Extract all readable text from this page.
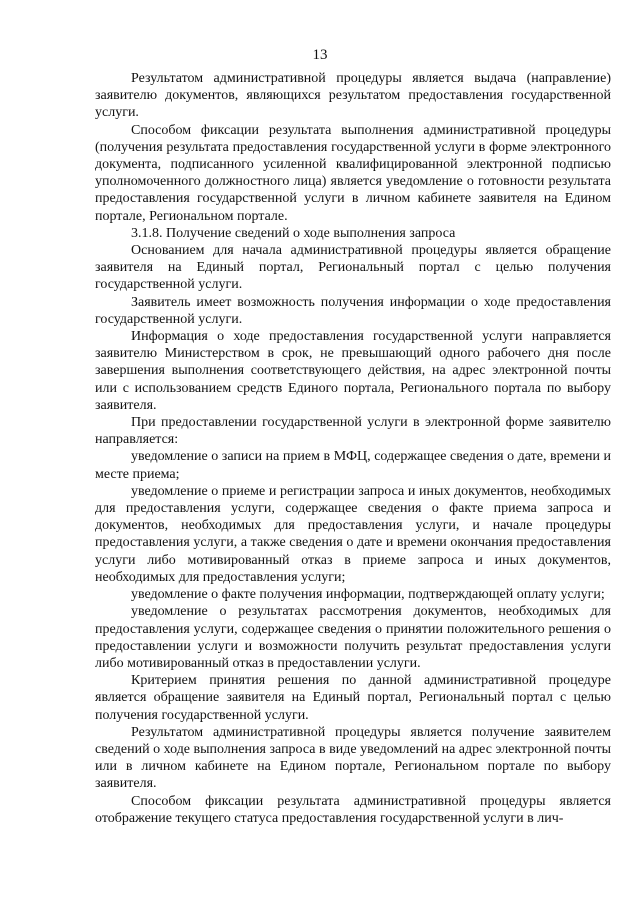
13

Результатом административной процедуры является выдача (направление) заявителю документов, являющихся результатом предоставления государственной услуги.

Способом фиксации результата выполнения административной процедуры (получения результата предоставления государственной услуги в форме электронного документа, подписанного усиленной квалифицированной электронной подписью уполномоченного должностного лица) является уведомление о готовности результата предоставления государственной услуги в личном кабинете заявителя на Едином портале, Региональном портале.

3.1.8. Получение сведений о ходе выполнения запроса

Основанием для начала административной процедуры является обращение заявителя на Единый портал, Региональный портал с целью получения государственной услуги.

Заявитель имеет возможность получения информации о ходе предоставления государственной услуги.

Информация о ходе предоставления государственной услуги направляется заявителю Министерством в срок, не превышающий одного рабочего дня после завершения выполнения соответствующего действия, на адрес электронной почты или с использованием средств Единого портала, Регионального портала по выбору заявителя.

При предоставлении государственной услуги в электронной форме заявителю направляется:

уведомление о записи на прием в МФЦ, содержащее сведения о дате, времени и месте приема;

уведомление о приеме и регистрации запроса и иных документов, необходимых для предоставления услуги, содержащее сведения о факте приема запроса и документов, необходимых для предоставления услуги, и начале процедуры предоставления услуги, а также сведения о дате и времени окончания предоставления услуги либо мотивированный отказ в приеме запроса и иных документов, необходимых для предоставления услуги;

уведомление о факте получения информации, подтверждающей оплату услуги;

уведомление о результатах рассмотрения документов, необходимых для предоставления услуги, содержащее сведения о принятии положительного решения о предоставлении услуги и возможности получить результат предоставления услуги либо мотивированный отказ в предоставлении услуги.

Критерием принятия решения по данной административной процедуре является обращение заявителя на Единый портал, Региональный портал с целью получения государственной услуги.

Результатом административной процедуры является получение заявителем сведений о ходе выполнения запроса в виде уведомлений на адрес электронной почты или в личном кабинете на Едином портале, Региональном портале по выбору заявителя.

Способом фиксации результата административной процедуры является отображение текущего статуса предоставления государственной услуги в лич-
